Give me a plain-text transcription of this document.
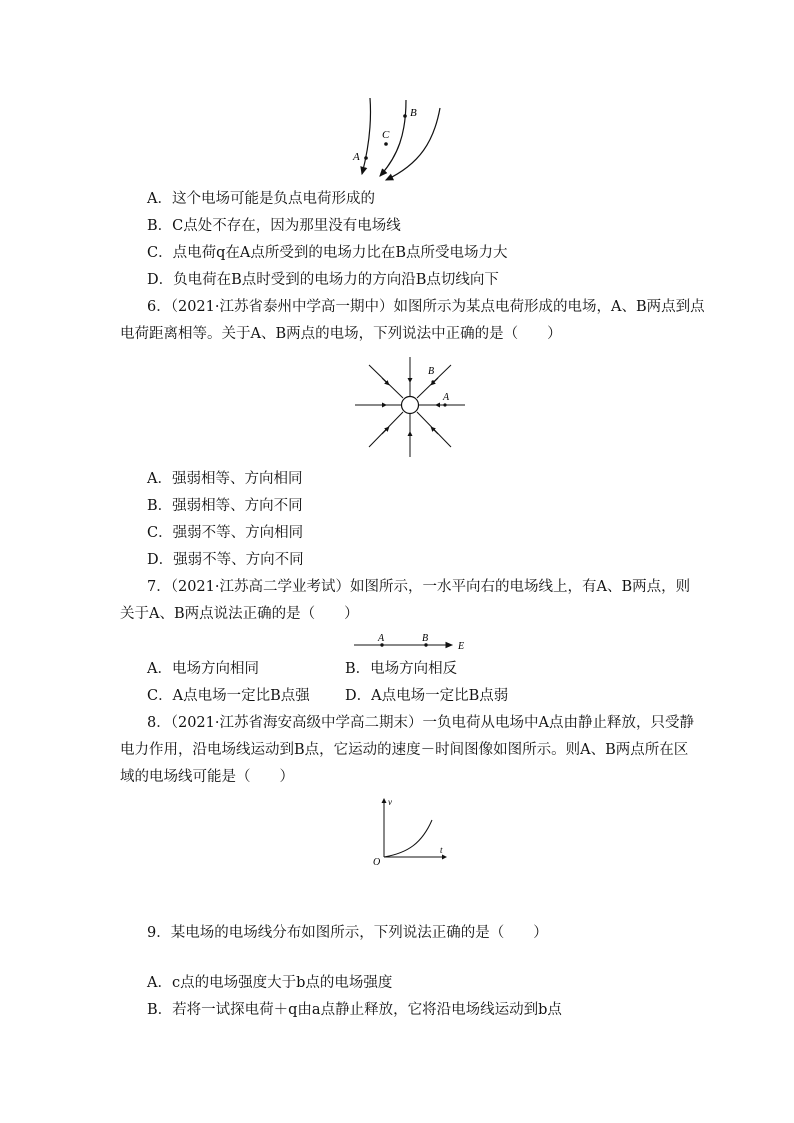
A
B
C
A．这个电场可能是负点电荷形成的
B．C点处不存在，因为那里没有电场线
C．点电荷q在A点所受到的电场力比在B点所受电场力大
D．负电荷在B点时受到的电场力的方向沿B点切线向下
6．（2021·江苏省泰州中学高一期中）如图所示为某点电荷形成的电场，A、B两点到点
电荷距离相等。关于A、B两点的电场，下列说法中正确的是（　　）
B
A
A．强弱相等、方向相同
B．强弱相等、方向不同
C．强弱不等、方向相同
D．强弱不等、方向不同
7．（2021·江苏高二学业考试）如图所示，一水平向右的电场线上，有A、B两点，则
关于A、B两点说法正确的是（　　）
A	B
E
A．电场方向相同	B．电场方向相反
C．A点电场一定比B点强 D．A点电场一定比B点弱
8．（2021·江苏省海安高级中学高二期末）一负电荷从电场中A点由静止释放，只受静
电力作用，沿电场线运动到B点，它运动的速度－时间图像如图所示。则A、B两点所在区
域的电场线可能是（　　）
v
t
O
9．某电场的电场线分布如图所示，下列说法正确的是（　　）
A．c点的电场强度大于b点的电场强度
B．若将一试探电荷＋q由a点静止释放，它将沿电场线运动到b点
